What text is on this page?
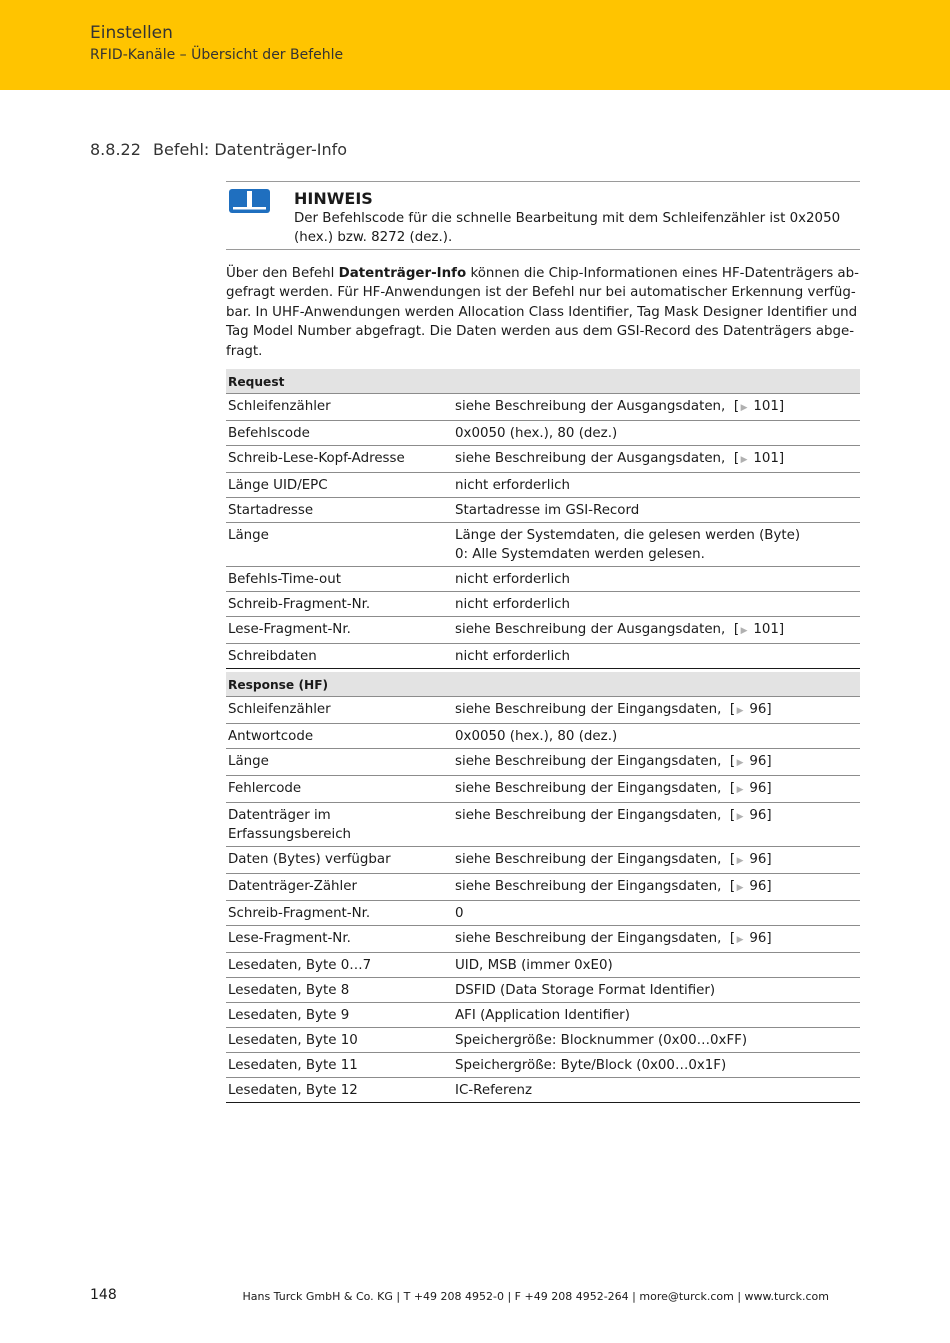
Einstellen
RFID-Kanäle – Übersicht der Befehle
8.8.22 Befehl: Datenträger-Info
HINWEIS
Der Befehlscode für die schnelle Bearbeitung mit dem Schleifenzähler ist 0x2050 (hex.) bzw. 8272 (dez.).
Über den Befehl Datenträger-Info können die Chip-Informationen eines HF-Datenträgers abgefragt werden. Für HF-Anwendungen ist der Befehl nur bei automatischer Erkennung verfügbar. In UHF-Anwendungen werden Allocation Class Identifier, Tag Mask Designer Identifier und Tag Model Number abgefragt. Die Daten werden aus dem GSI-Record des Datenträgers abgefragt.
Request	
Schleifenzähler	siehe Beschreibung der Ausgangsdaten,  [ ▶ 101]
Befehlscode	0x0050 (hex.), 80 (dez.)
Schreib-Lese-Kopf-Adresse	siehe Beschreibung der Ausgangsdaten,  [ ▶ 101]
Länge UID/EPC	nicht erforderlich
Startadresse	Startadresse im GSI-Record
Länge	Länge der Systemdaten, die gelesen werden (Byte)
0: Alle Systemdaten werden gelesen.
Befehls-Time-out	nicht erforderlich
Schreib-Fragment-Nr.	nicht erforderlich
Lese-Fragment-Nr.	siehe Beschreibung der Ausgangsdaten,  [ ▶ 101]
Schreibdaten	nicht erforderlich
Response (HF)	
Schleifenzähler	siehe Beschreibung der Eingangsdaten,  [ ▶ 96]
Antwortcode	0x0050 (hex.), 80 (dez.)
Länge	siehe Beschreibung der Eingangsdaten,  [ ▶ 96]
Fehlercode	siehe Beschreibung der Eingangsdaten,  [ ▶ 96]
Datenträger im Erfassungsbereich	siehe Beschreibung der Eingangsdaten,  [ ▶ 96]
Daten (Bytes) verfügbar	siehe Beschreibung der Eingangsdaten,  [ ▶ 96]
Datenträger-Zähler	siehe Beschreibung der Eingangsdaten,  [ ▶ 96]
Schreib-Fragment-Nr.	0
Lese-Fragment-Nr.	siehe Beschreibung der Eingangsdaten,  [ ▶ 96]
Lesedaten, Byte 0…7	UID, MSB (immer 0xE0)
Lesedaten, Byte 8	DSFID (Data Storage Format Identifier)
Lesedaten, Byte 9	AFI (Application Identifier)
Lesedaten, Byte 10	Speichergröße: Blocknummer (0x00…0xFF)
Lesedaten, Byte 11	Speichergröße: Byte/Block (0x00…0x1F)
Lesedaten, Byte 12	IC-Referenz
148	Hans Turck GmbH & Co. KG | T +49 208 4952-0 | F +49 208 4952-264 | more@turck.com | www.turck.com
